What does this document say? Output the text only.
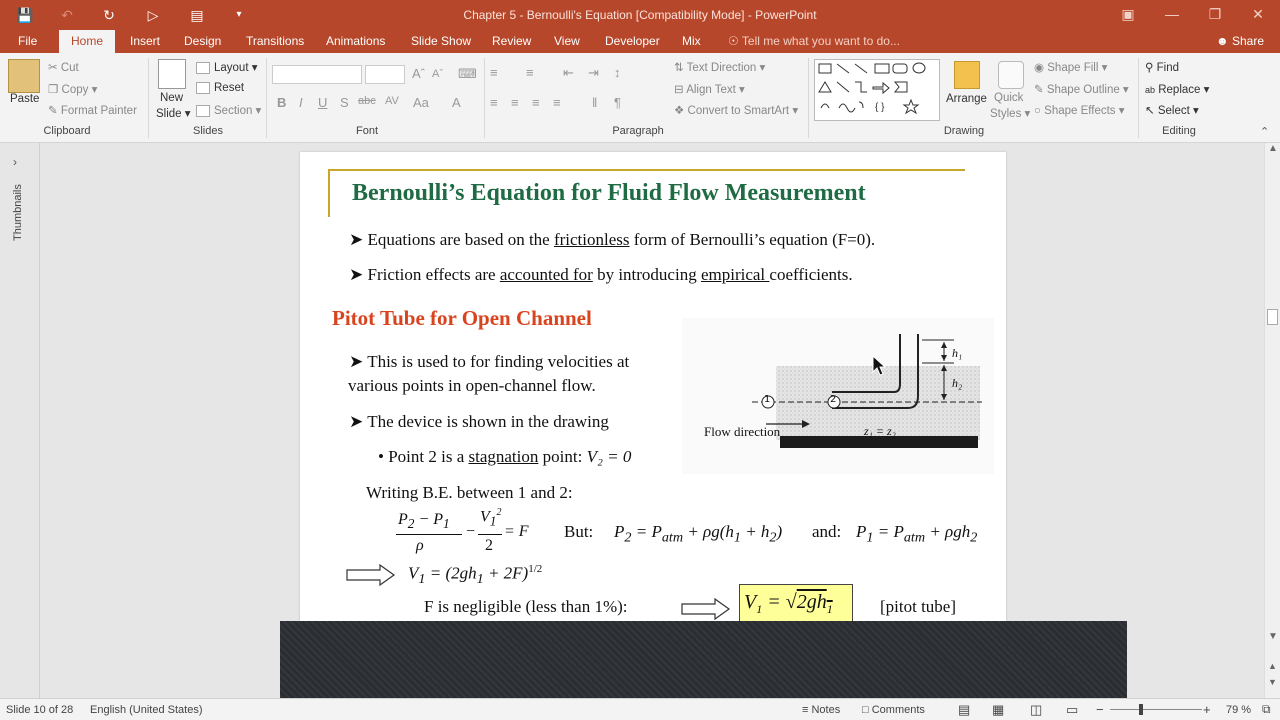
💾 ↶ ↻ ▷ ▤	▾	Chapter 5 - Bernoulli's Equation [Compatibility Mode] - PowerPoint	▣	—	❐	✕
File	Home	Insert Design Transitions Animations Slide Show Review View Developer Mix ☉ Tell me what you want to do...	☻ Share
Paste
✂ Cut
❐ Copy ▾
✎ Format Painter
Clipboard
New
Slide ▾
Layout ▾
Reset
Section ▾
Slides
Aˆ Aˇ ⌨
B I U S abc AV Aa A
Font
≡ ≡ ⇤ ⇥ ↕
≡ ≡ ≡ ≡ ‖ ¶
⇅ Text Direction ▾
⊟ Align Text ▾
❖ Convert to SmartArt ▾
Paragraph
{ }
Arrange Quick
Styles ▾
◉ Shape Fill ▾
✎ Shape Outline ▾
○ Shape Effects ▾
Drawing
⚲ Find
ab Replace ▾
↖ Select ▾
Editing	⌃
›
Thumbnails	Bernoulli’s Equation for Fluid Flow Measurement
➤ Equations are based on the frictionless form of Bernoulli’s equation (F=0).
➤ Friction effects are accounted for by introducing empirical coefficients.
Pitot Tube for Open Channel
➤ This is used to for finding velocities at
various points in open-channel flow.
➤ The device is shown in the drawing
• Point 2 is a stagnation point: V₂ = 0
1	2
h₁
h₂
Flow direction	z₁ = z₂
Writing B.E. between 1 and 2:
$P_2 - P_1$
ρ
−
$V_1^2$
2
= F But: $P_2 = P_{atm} + \rho g(h_1 + h_2)$ and: $P_1 = P_{atm} + \rho gh_2$
$V_1 = (2gh_1 + 2F)^{1/2}$
F is negligible (less than 1%):	$V_1 = √2gh_1$	[pitot tube]
▲
▼
▲
▼
Slide 10 of 28 English (United States)	≡ Notes □ Comments	▤ ▦ ◫ ▭ −	+ 79 % ⧉
